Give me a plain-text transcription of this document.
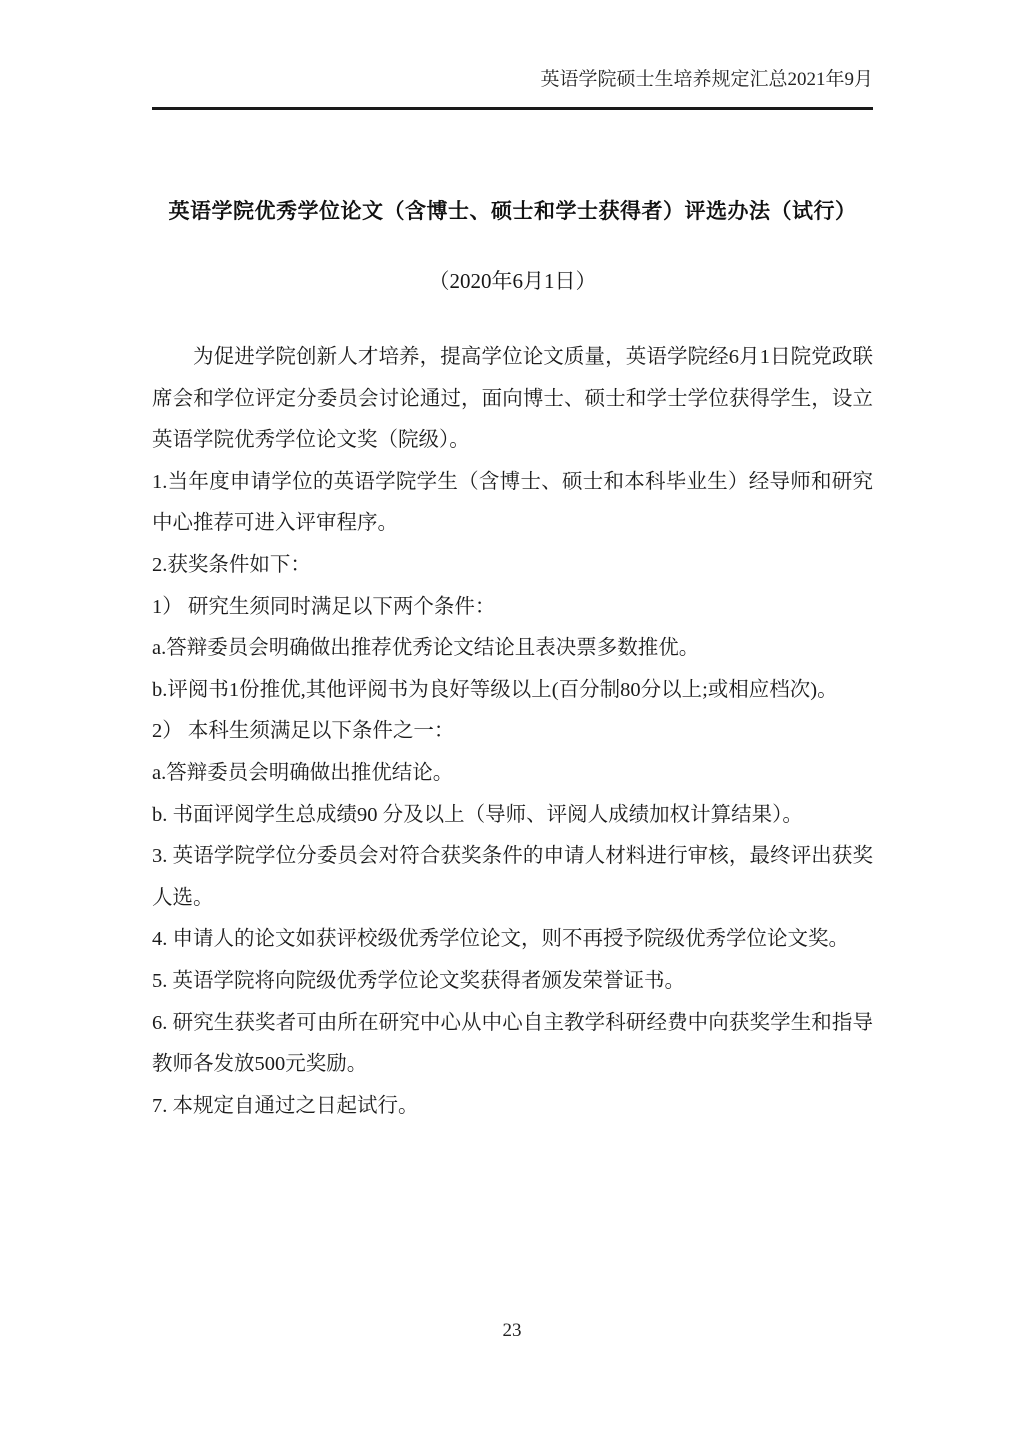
英语学院硕士生培养规定汇总2021年9月
英语学院优秀学位论文（含博士、硕士和学士获得者）评选办法（试行）
（2020年6月1日）

为促进学院创新人才培养，提高学位论文质量，英语学院经6月1日院党政联席会和学位评定分委员会讨论通过，面向博士、硕士和学士学位获得学生，设立英语学院优秀学位论文奖（院级）。

1.当年度申请学位的英语学院学生（含博士、硕士和本科毕业生）经导师和研究中心推荐可进入评审程序。

2.获奖条件如下：

1） 研究生须同时满足以下两个条件：

a.答辩委员会明确做出推荐优秀论文结论且表决票多数推优。

b.评阅书1份推优,其他评阅书为良好等级以上(百分制80分以上;或相应档次)。

2） 本科生须满足以下条件之一：

a.答辩委员会明确做出推优结论。

b. 书面评阅学生总成绩90 分及以上（导师、评阅人成绩加权计算结果）。

3. 英语学院学位分委员会对符合获奖条件的申请人材料进行审核，最终评出获奖人选。

4. 申请人的论文如获评校级优秀学位论文，则不再授予院级优秀学位论文奖。

5. 英语学院将向院级优秀学位论文奖获得者颁发荣誉证书。

6. 研究生获奖者可由所在研究中心从中心自主教学科研经费中向获奖学生和指导教师各发放500元奖励。

7. 本规定自通过之日起试行。

23
